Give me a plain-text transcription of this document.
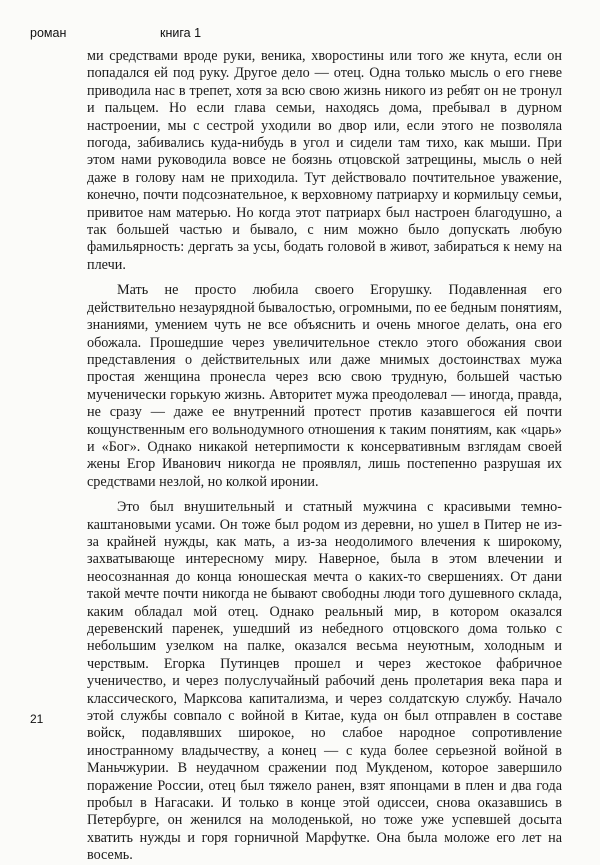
роман	книга 1

ми средствами вроде руки, веника, хворостины или того же кнута, если он попадался ей под руку. Другое дело — отец. Одна только мысль о его гневе приводила нас в трепет, хотя за всю свою жизнь никого из ребят он не тронул и пальцем. Но если глава семьи, находясь дома, пребывал в дурном настроении, мы с сестрой уходили во двор или, если этого не позволяла погода, забивались куда-нибудь в угол и сидели там тихо, как мыши. При этом нами руководила вовсе не боязнь отцовской затрещины, мысль о ней даже в голову нам не приходила. Тут действовало почтительное уважение, конечно, почти подсознательное, к верховному патриарху и кормильцу семьи, привитое нам матерью. Но когда этот патриарх был настроен благодушно, а так большей частью и бывало, с ним можно было допускать любую фамильярность: дергать за усы, бодать головой в живот, забираться к нему на плечи.

Мать не просто любила своего Егорушку. Подавленная его действительно незаурядной бывалостью, огромными, по ее бедным понятиям, знаниями, умением чуть не все объяснить и очень многое делать, она его обожала. Прошедшие через увеличительное стекло этого обожания свои представления о действительных или даже мнимых достоинствах мужа простая женщина пронесла через всю свою трудную, большей частью мученически горькую жизнь. Авторитет мужа преодолевал — иногда, правда, не сразу — даже ее внутренний протест против казавшегося ей почти кощунственным его вольнодумного отношения к таким понятиям, как «царь» и «Бог». Однако никакой нетерпимости к консервативным взглядам своей жены Егор Иванович никогда не проявлял, лишь постепенно разрушая их средствами незлой, но колкой иронии.

Это был внушительный и статный мужчина с красивыми темно-каштановыми усами. Он тоже был родом из деревни, но ушел в Питер не из-за крайней нужды, как мать, а из-за неодолимого влечения к широкому, захватывающе интересному миру. Наверное, была в этом влечении и неосознанная до конца юношеская мечта о каких-то свершениях. От дани такой мечте почти никогда не бывают свободны люди того душевного склада, каким обладал мой отец. Однако реальный мир, в котором оказался деревенский паренек, ушедший из небедного отцовского дома только с небольшим узелком на палке, оказался весьма неуютным, холодным и черствым. Егорка Путинцев прошел и через жестокое фабричное ученичество, и через полуслучайный рабочий день пролетария века пара и классического, Марксова капитализма, и через солдатскую службу. Начало этой службы совпало с войной в Китае, куда он был отправлен в составе войск, подавлявших широкое, но слабое народное сопротивление иностранному владычеству, а конец — с куда более серьезной войной в Маньчжурии. В неудачном сражении под Мукденом, которое завершило поражение России, отец был тяжело ранен, взят японцами в плен и два года пробыл в Нагасаки. И только в конце этой одиссеи, снова оказавшись в Петербурге, он женился на молоденькой, но тоже уже успевшей досыта хватить нужды и горя горничной Марфутке. Она была моложе его лет на восемь.

21
